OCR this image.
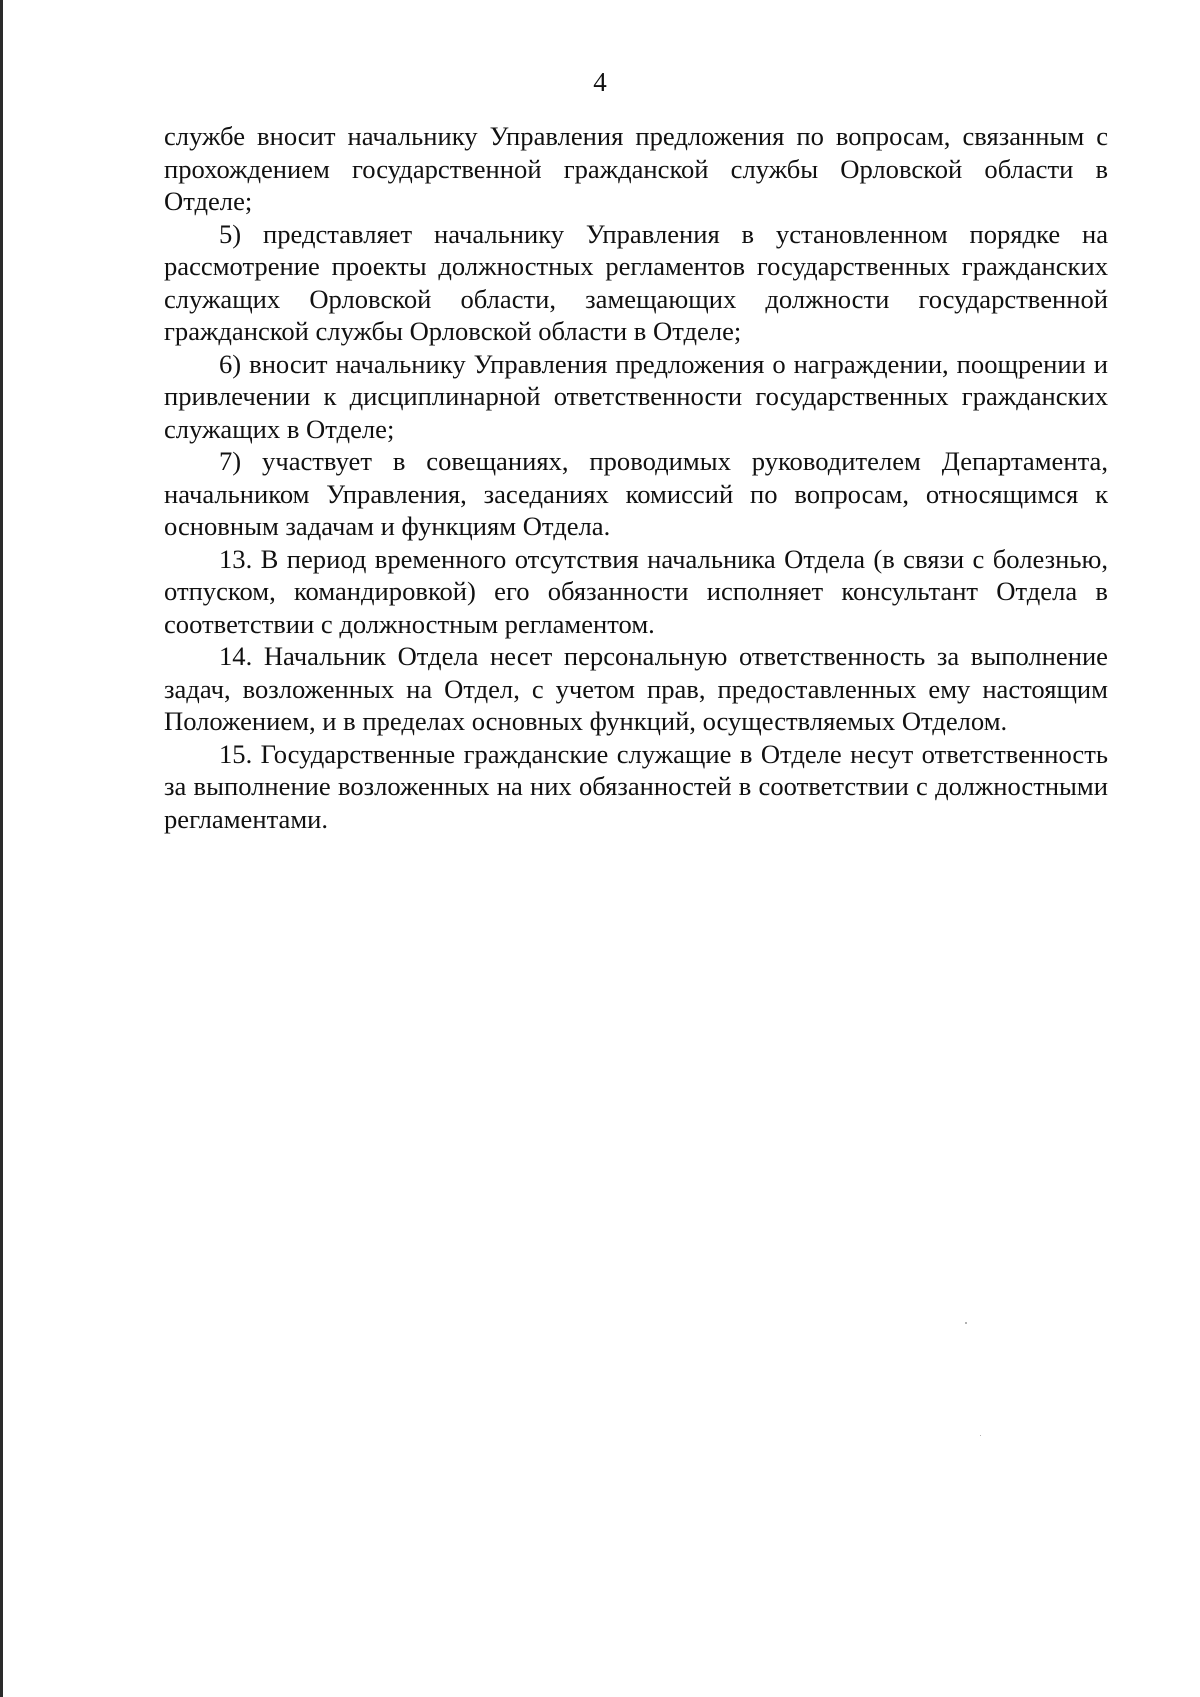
4

службе вносит начальнику Управления предложения по вопросам, связанным с прохождением государственной гражданской службы Орловской области в Отделе;

5) представляет начальнику Управления в установленном порядке на рассмотрение проекты должностных регламентов государственных гражданских служащих Орловской области, замещающих должности государственной гражданской службы Орловской области в Отделе;

6) вносит начальнику Управления предложения о награждении, поощрении и привлечении к дисциплинарной ответственности государственных гражданских служащих в Отделе;

7) участвует в совещаниях, проводимых руководителем Департамента, начальником Управления, заседаниях комиссий по вопросам, относящимся к основным задачам и функциям Отдела.

13. В период временного отсутствия начальника Отдела (в связи с болезнью, отпуском, командировкой) его обязанности исполняет консультант Отдела в соответствии с должностным регламентом.

14. Начальник Отдела несет персональную ответственность за выполнение задач, возложенных на Отдел, с учетом прав, предоставленных ему настоящим Положением, и в пределах основных функций, осуществляемых Отделом.

15. Государственные гражданские служащие в Отделе несут ответственность за выполнение возложенных на них обязанностей в соответствии с должностными регламентами.
